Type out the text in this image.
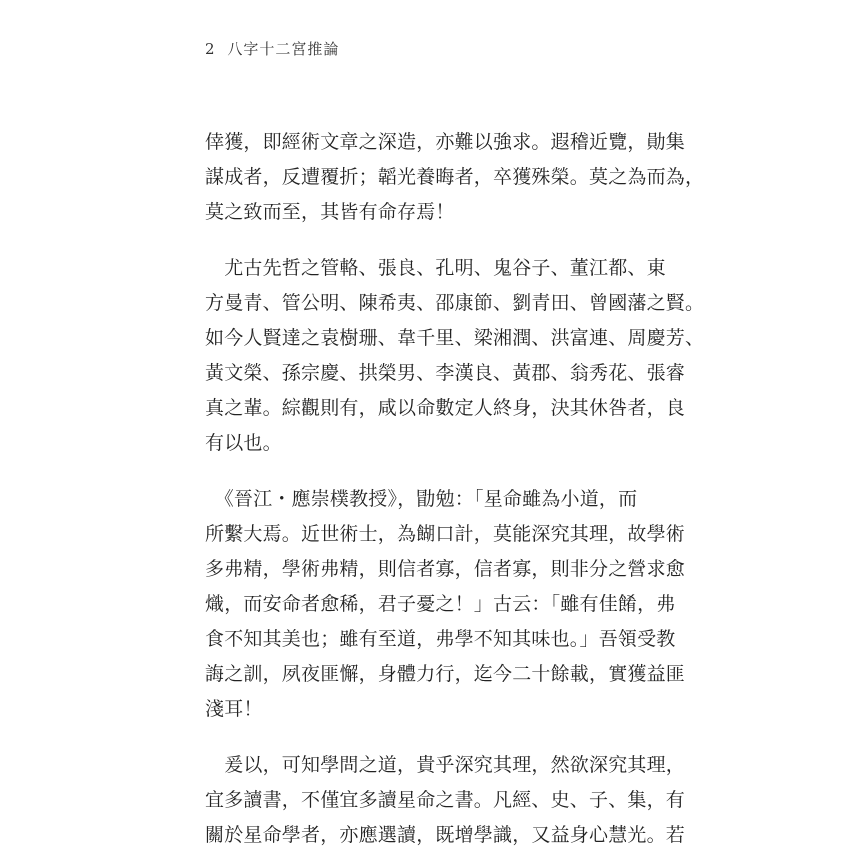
2 八字十二宮推論
倖獲，即經術文章之深造，亦難以強求。遐稽近覽，勛集
謀成者，反遭覆折；韜光養晦者，卒獲殊榮。莫之為而為，
莫之致而至，其皆有命存焉！
　尤古先哲之管輅、張良、孔明、鬼谷子、董江都、東
方曼青、管公明、陳希夷、邵康節、劉青田、曾國藩之賢。
如今人賢達之袁樹珊、韋千里、梁湘潤、洪富連、周慶芳、
黃文榮、孫宗慶、拱榮男、李漢良、黃郡、翁秀花、張睿
真之輩。綜觀則有，咸以命數定人終身，決其休咎者，良
有以也。
　《晉江・應崇樸教授》，勖勉：「星命雖為小道，而
所繫大焉。近世術士，為餬口計，莫能深究其理，故學術
多弗精，學術弗精，則信者寡，信者寡，則非分之營求愈
熾，而安命者愈稀，君子憂之！」古云：「雖有佳餚，弗
食不知其美也；雖有至道，弗學不知其味也。」吾領受教
誨之訓，夙夜匪懈，身體力行，迄今二十餘載，實獲益匪
淺耳！
　爰以，可知學問之道，貴乎深究其理，然欲深究其理，
宜多讀書，不僅宜多讀星命之書。凡經、史、子、集，有
關於星命學者，亦應選讀，既增學識，又益身心慧光。若
